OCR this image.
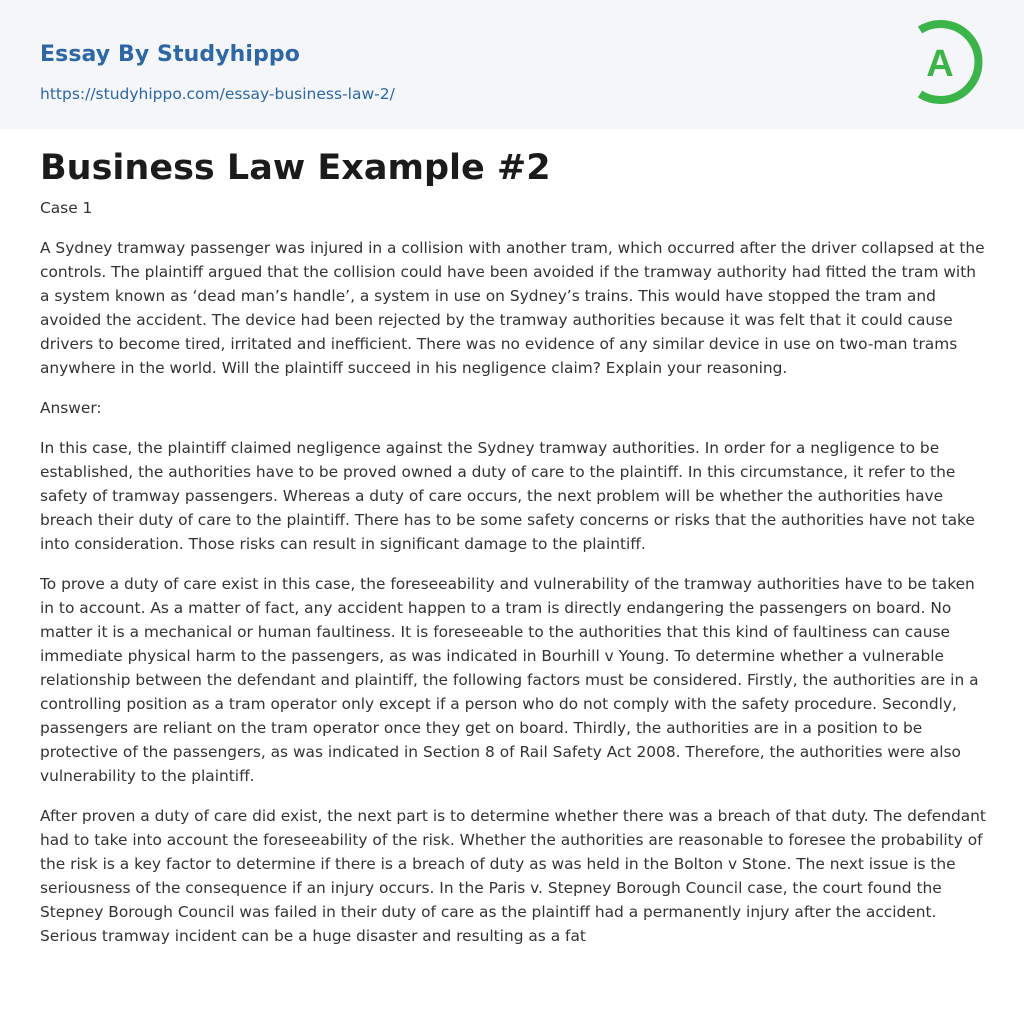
Essay By Studyhippo
https://studyhippo.com/essay-business-law-2/
A
Business Law Example #2

Case 1

A Sydney tramway passenger was injured in a collision with another tram, which occurred after the driver collapsed at the controls. The plaintiff argued that the collision could have been avoided if the tramway authority had fitted the tram with a system known as ‘dead man’s handle’, a system in use on Sydney’s trains. This would have stopped the tram and avoided the accident. The device had been rejected by the tramway authorities because it was felt that it could cause drivers to become tired, irritated and inefficient. There was no evidence of any similar device in use on two-man trams anywhere in the world. Will the plaintiff succeed in his negligence claim? Explain your reasoning.

Answer:

In this case, the plaintiff claimed negligence against the Sydney tramway authorities. In order for a negligence to be established, the authorities have to be proved owned a duty of care to the plaintiff. In this circumstance, it refer to the safety of tramway passengers. Whereas a duty of care occurs, the next problem will be whether the authorities have breach their duty of care to the plaintiff. There has to be some safety concerns or risks that the authorities have not take into consideration. Those risks can result in significant damage to the plaintiff.

To prove a duty of care exist in this case, the foreseeability and vulnerability of the tramway authorities have to be taken in to account. As a matter of fact, any accident happen to a tram is directly endangering the passengers on board. No matter it is a mechanical or human faultiness. It is foreseeable to the authorities that this kind of faultiness can cause immediate physical harm to the passengers, as was indicated in Bourhill v Young. To determine whether a vulnerable relationship between the defendant and plaintiff, the following factors must be considered. Firstly, the authorities are in a controlling position as a tram operator only except if a person who do not comply with the safety procedure. Secondly, passengers are reliant on the tram operator once they get on board. Thirdly, the authorities are in a position to be protective of the passengers, as was indicated in Section 8 of Rail Safety Act 2008. Therefore, the authorities were also vulnerability to the plaintiff.

After proven a duty of care did exist, the next part is to determine whether there was a breach of that duty. The defendant had to take into account the foreseeability of the risk. Whether the authorities are reasonable to foresee the probability of the risk is a key factor to determine if there is a breach of duty as was held in the Bolton v Stone. The next issue is the seriousness of the consequence if an injury occurs. In the Paris v. Stepney Borough Council case, the court found the Stepney Borough Council was failed in their duty of care as the plaintiff had a permanently injury after the accident. Serious tramway incident can be a huge disaster and resulting as a fat
